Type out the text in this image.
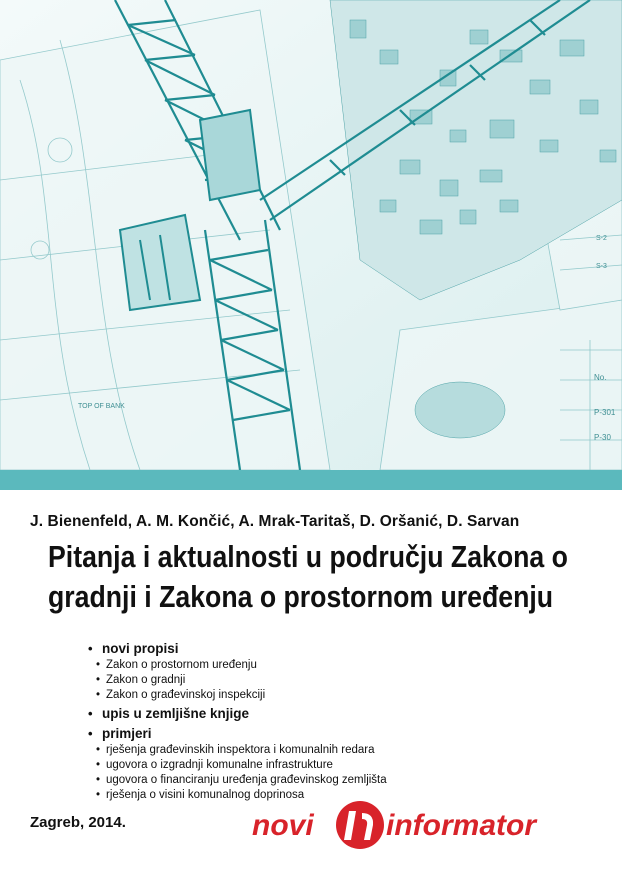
TOP OF BANK
No.
P-301
P-30
S-2
S-3
J. Bienenfeld, A. M. Končić, A. Mrak-Taritaš, D. Oršanić, D. Sarvan
Pitanja i aktualnosti u području Zakona o
gradnji i Zakona o prostornom uređenju
• novi propisi
• Zakon o prostornom uređenju
• Zakon o gradnji
• Zakon o građevinskoj inspekciji
• upis u zemljišne knjige
• primjeri
• rješenja građevinskih inspektora i komunalnih redara
• ugovora o izgradnji komunalne infrastrukture
• ugovora o financiranju uređenja građevinskog zemljišta
• rješenja o visini komunalnog doprinosa
Zagreb, 2014.	novi informator
